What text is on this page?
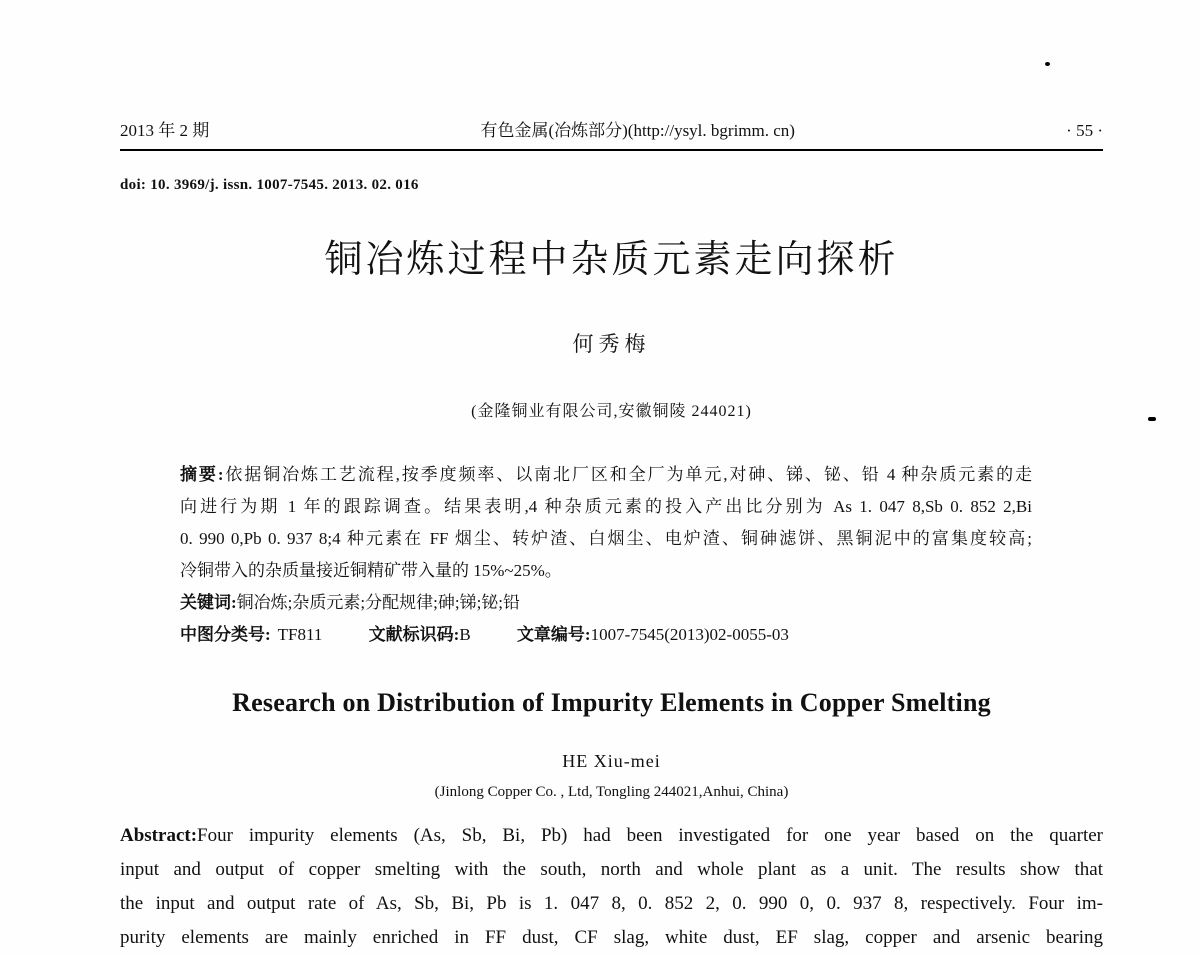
2013 年 2 期	有色金属(冶炼部分)(http://ysyl. bgrimm. cn)	· 55 ·
doi: 10. 3969/j. issn. 1007-7545. 2013. 02. 016
铜冶炼过程中杂质元素走向探析
何秀梅
(金隆铜业有限公司,安徽铜陵 244021)
摘要:依据铜冶炼工艺流程,按季度频率、以南北厂区和全厂为单元,对砷、锑、铋、铅 4 种杂质元素的走
向进行为期 1 年的跟踪调查。结果表明,4 种杂质元素的投入产出比分别为 As 1. 047 8,Sb 0. 852 2,Bi
0. 990 0,Pb 0. 937 8;4 种元素在 FF 烟尘、转炉渣、白烟尘、电炉渣、铜砷滤饼、黑铜泥中的富集度较高;
冷铜带入的杂质量接近铜精矿带入量的 15%~25%。
关键词:铜冶炼;杂质元素;分配规律;砷;锑;铋;铅
中图分类号: TF811	文献标识码:B	文章编号:1007-7545(2013)02-0055-03
Research on Distribution of Impurity Elements in Copper Smelting
HE Xiu-mei
(Jinlong Copper Co. , Ltd, Tongling 244021,Anhui, China)
Abstract:Four impurity elements (As, Sb, Bi, Pb) had been investigated for one year based on the quarter
input and output of copper smelting with the south, north and whole plant as a unit. The results show that
the input and output rate of As, Sb, Bi, Pb is 1. 047 8, 0. 852 2, 0. 990 0, 0. 937 8, respectively. Four im-
purity elements are mainly enriched in FF dust, CF slag, white dust, EF slag, copper and arsenic bearing
